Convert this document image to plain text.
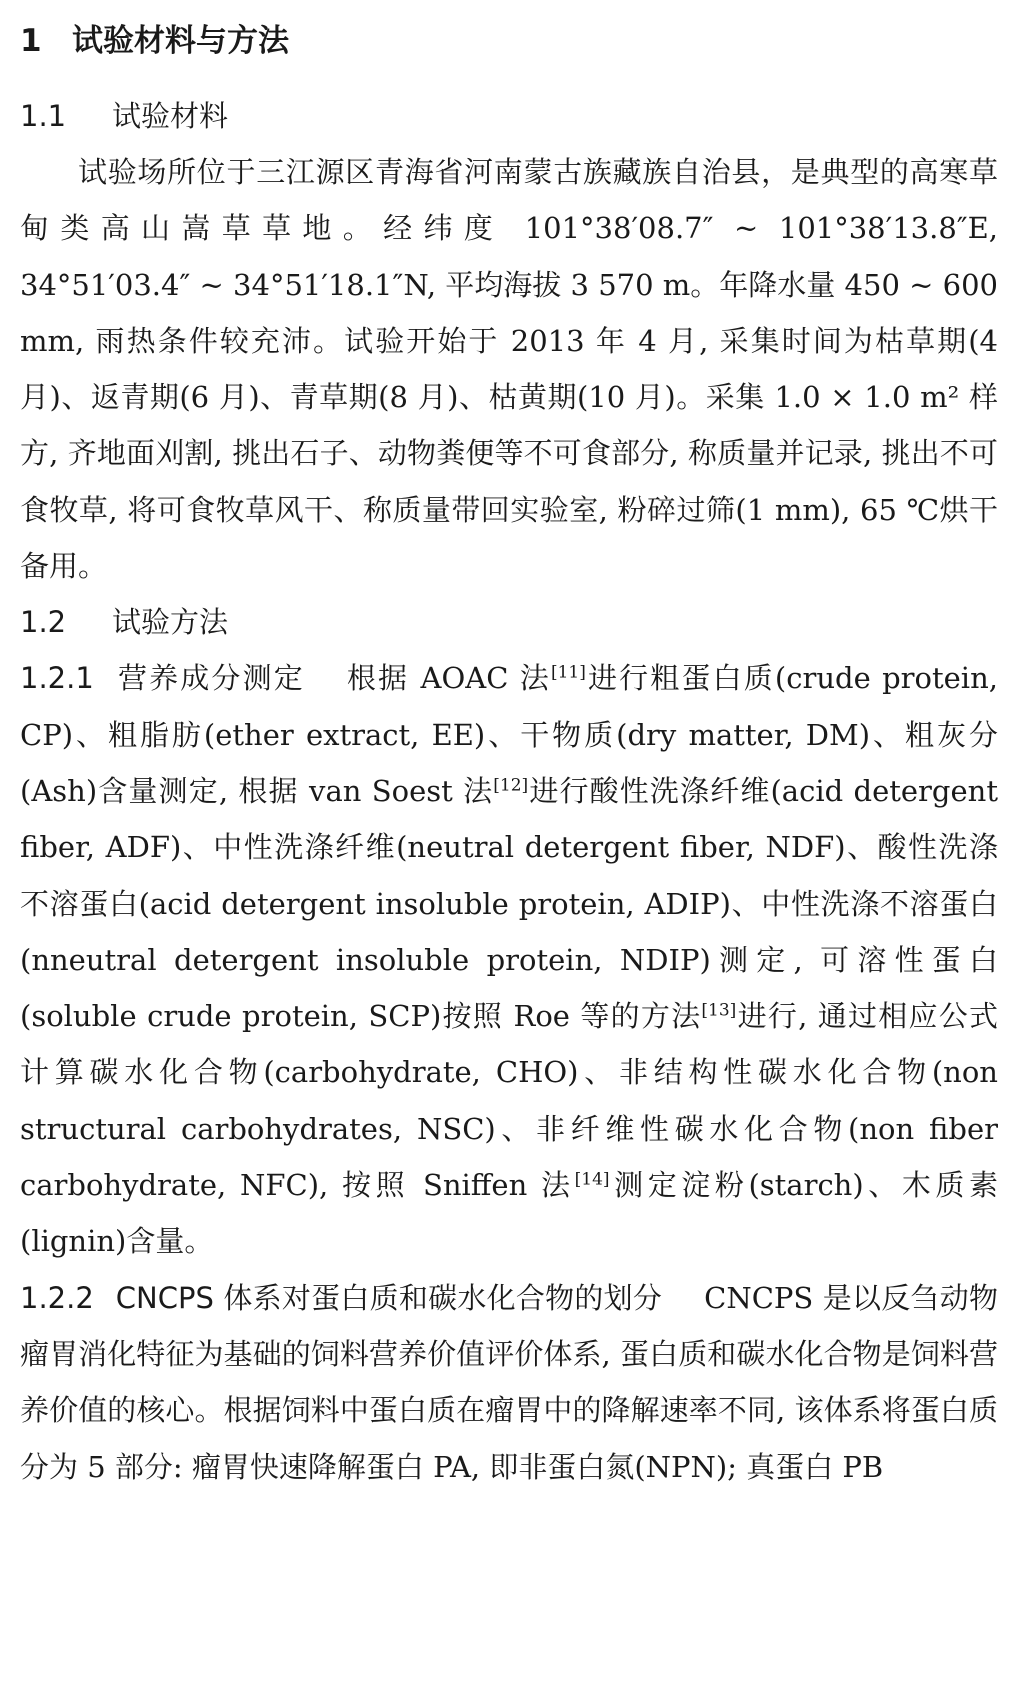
1 试验材料与方法
1.1 试验材料

试验场所位于三江源区青海省河南蒙古族藏族自治县，是典型的高寒草甸类高山嵩草草地。经纬度 101°38′08.7″ ~ 101°38′13.8″E, 34°51′03.4″ ~ 34°51′18.1″N, 平均海拔 3 570 m。年降水量 450 ~ 600 mm, 雨热条件较充沛。试验开始于 2013 年 4 月, 采集时间为枯草期(4 月)、返青期(6 月)、青草期(8 月)、枯黄期(10 月)。采集 1.0 × 1.0 m² 样方, 齐地面刈割, 挑出石子、动物粪便等不可食部分, 称质量并记录, 挑出不可食牧草, 将可食牧草风干、称质量带回实验室, 粉碎过筛(1 mm), 65 ℃烘干备用。

1.2 试验方法

1.2.1 营养成分测定 根据 AOAC 法[11]进行粗蛋白质(crude protein, CP)、粗脂肪(ether extract, EE)、干物质(dry matter, DM)、粗灰分(Ash)含量测定, 根据 van Soest 法[12]进行酸性洗涤纤维(acid detergent fiber, ADF)、中性洗涤纤维(neutral detergent fiber, NDF)、酸性洗涤不溶蛋白(acid detergent insoluble protein, ADIP)、中性洗涤不溶蛋白(nneutral detergent insoluble protein, NDIP)测定, 可溶性蛋白(soluble crude protein, SCP)按照 Roe 等的方法[13]进行, 通过相应公式计算碳水化合物(carbohydrate, CHO)、非结构性碳水化合物(non structural carbohydrates, NSC)、非纤维性碳水化合物(non fiber carbohydrate, NFC), 按照 Sniffen 法[14]测定淀粉(starch)、木质素(lignin)含量。

1.2.2 CNCPS 体系对蛋白质和碳水化合物的划分 CNCPS 是以反刍动物瘤胃消化特征为基础的饲料营养价值评价体系, 蛋白质和碳水化合物是饲料营养价值的核心。根据饲料中蛋白质在瘤胃中的降解速率不同, 该体系将蛋白质分为 5 部分: 瘤胃快速降解蛋白 PA, 即非蛋白氮(NPN); 真蛋白 PB
